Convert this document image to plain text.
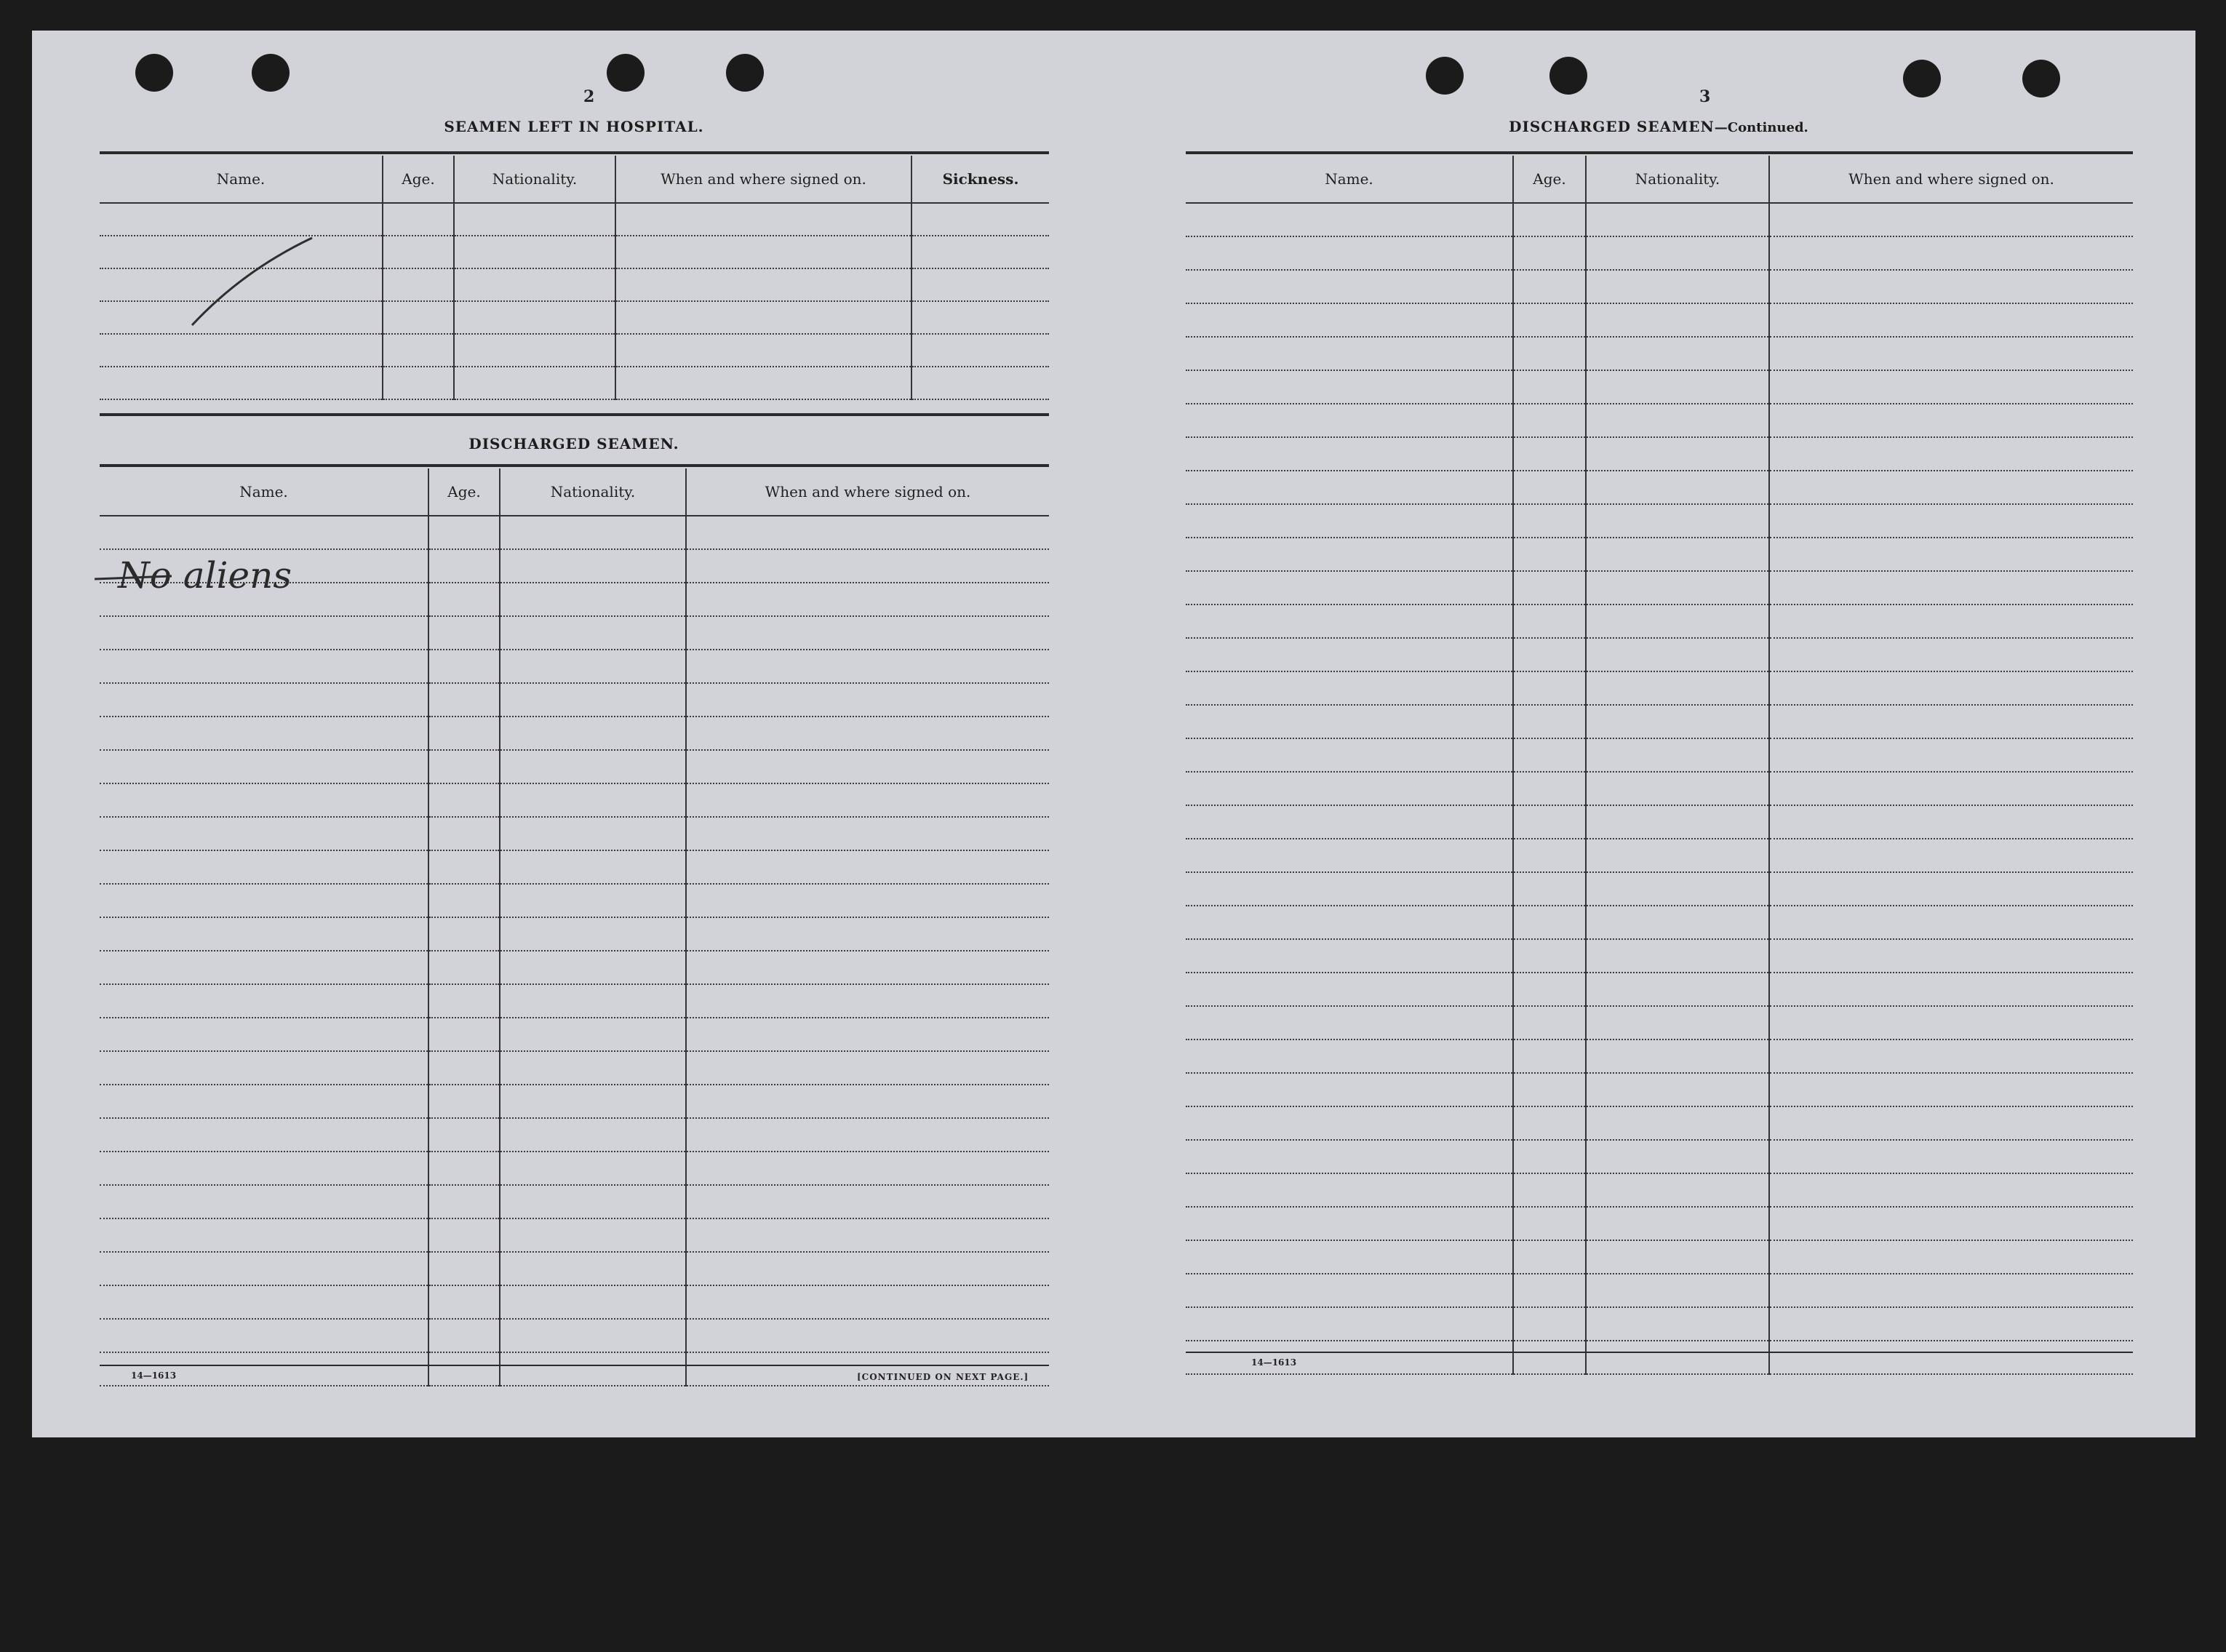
2
SEAMEN LEFT IN HOSPITAL.
Name.	Age.	Nationality.	When and where signed on.	Sickness.

DISCHARGED SEAMEN.
Name.	Age.	Nationality.	When and where signed on.

No aliens
14—1613	[CONTINUED ON NEXT PAGE.]
3
DISCHARGED SEAMEN—Continued.
Name.	Age.	Nationality.	When and where signed on.

14—1613
